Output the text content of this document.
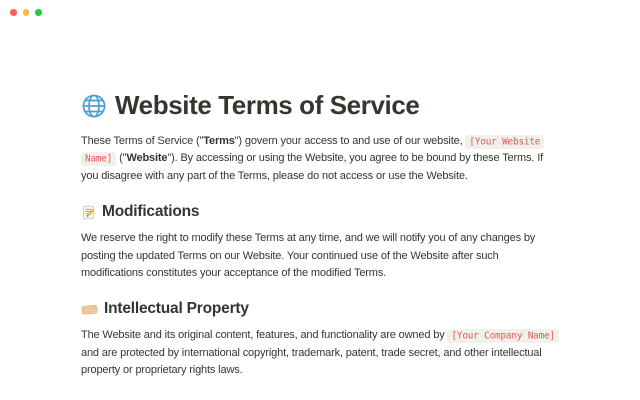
Website Terms of Service

These Terms of Service ("Terms") govern your access to and use of our website, [Your Website Name] ("Website"). By accessing or using the Website, you agree to be bound by these Terms. If you disagree with any part of the Terms, please do not access or use the Website.

Modifications

We reserve the right to modify these Terms at any time, and we will notify you of any changes by posting the updated Terms on our Website. Your continued use of the Website after such modifications constitutes your acceptance of the modified Terms.

Intellectual Property

The Website and its original content, features, and functionality are owned by [Your Company Name] and are protected by international copyright, trademark, patent, trade secret, and other intellectual property or proprietary rights laws.
